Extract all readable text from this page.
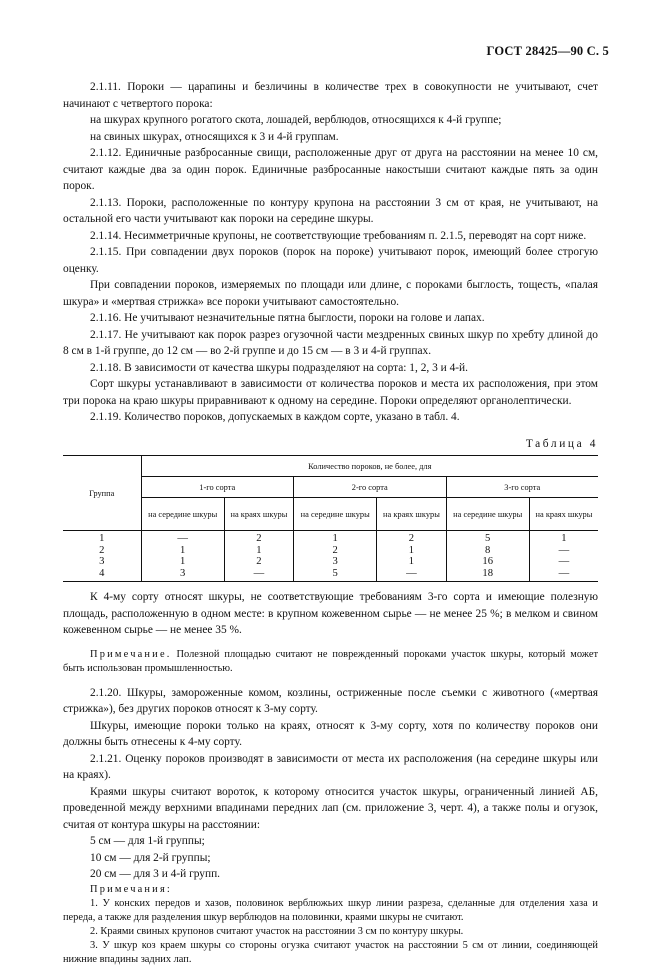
ГОСТ 28425—90 С. 5

2.1.11. Пороки — царапины и безличины в количестве трех в совокупности не учитывают, счет начинают с четвертого порока:

на шкурах крупного рогатого скота, лошадей, верблюдов, относящихся к 4-й группе;

на свиных шкурах, относящихся к 3 и 4-й группам.

2.1.12. Единичные разбросанные свищи, расположенные друг от друга на расстоянии на менее 10 см, считают каждые два за один порок. Единичные разбросанные накостыши считают каждые пять за один порок.

2.1.13. Пороки, расположенные по контуру крупона на расстоянии 3 см от края, не учитывают, на остальной его части учитывают как пороки на середине шкуры.

2.1.14. Несимметричные крупоны, не соответствующие требованиям п. 2.1.5, переводят на сорт ниже.

2.1.15. При совпадении двух пороков (порок на пороке) учитывают порок, имеющий более строгую оценку.

При совпадении пороков, измеряемых по площади или длине, с пороками быглость, тощесть, «палая шкура» и «мертвая стрижка» все пороки учитывают самостоятельно.

2.1.16. Не учитывают незначительные пятна быглости, пороки на голове и лапах.

2.1.17. Не учитывают как порок разрез огузочной части мездренных свиных шкур по хребту длиной до 8 см в 1-й группе, до 12 см — во 2-й группе и до 15 см — в 3 и 4-й группах.

2.1.18. В зависимости от качества шкуры подразделяют на сорта: 1, 2, 3 и 4-й.

Сорт шкуры устанавливают в зависимости от количества пороков и места их расположения, при этом три порока на краю шкуры приравнивают к одному на середине. Пороки определяют органолептически.

2.1.19. Количество пороков, допускаемых в каждом сорте, указано в табл. 4.

Таблица 4
Группа	Количество пороков, не более, для					
	1-го сорта		2-го сорта		3-го сорта	
	на середине шкуры	на краях шкуры	на середине шкуры	на краях шкуры	на середине шкуры	на краях шкуры
1	—	2	1	2	5	1
2	1	1	2	1	8	—
3	1	2	3	1	16	—
4	3	—	5	—	18	—

К 4-му сорту относят шкуры, не соответствующие требованиям 3-го сорта и имеющие полезную площадь, расположенную в одном месте: в крупном кожевенном сырье — не менее 25 %; в мелком и свином кожевенном сырье — не менее 35 %.

Примечание. Полезной площадью считают не поврежденный пороками участок шкуры, который может быть использован промышленностью.

2.1.20. Шкуры, замороженные комом, козлины, остриженные после съемки с животного («мертвая стрижка»), без других пороков относят к 3-му сорту.

Шкуры, имеющие пороки только на краях, относят к 3-му сорту, хотя по количеству пороков они должны быть отнесены к 4-му сорту.

2.1.21. Оценку пороков производят в зависимости от места их расположения (на середине шкуры или на краях).

Краями шкуры считают вороток, к которому относится участок шкуры, ограниченный линией АБ, проведенной между верхними впадинами передних лап (см. приложение 3, черт. 4), а также полы и огузок, считая от контура шкуры на расстоянии:

5 см — для 1-й группы;

10 см — для 2-й группы;

20 см — для 3 и 4-й групп.

Примечания:

1. У конских передов и хазов, половинок верблюжьих шкур линии разреза, сделанные для отделения хаза и переда, а также для разделения шкур верблюдов на половинки, краями шкуры не считают.

2. Краями свиных крупонов считают участок на расстоянии 3 см по контуру шкуры.

3. У шкур коз краем шкуры со стороны огузка считают участок на расстоянии 5 см от линии, соединяющей нижние впадины задних лап.
